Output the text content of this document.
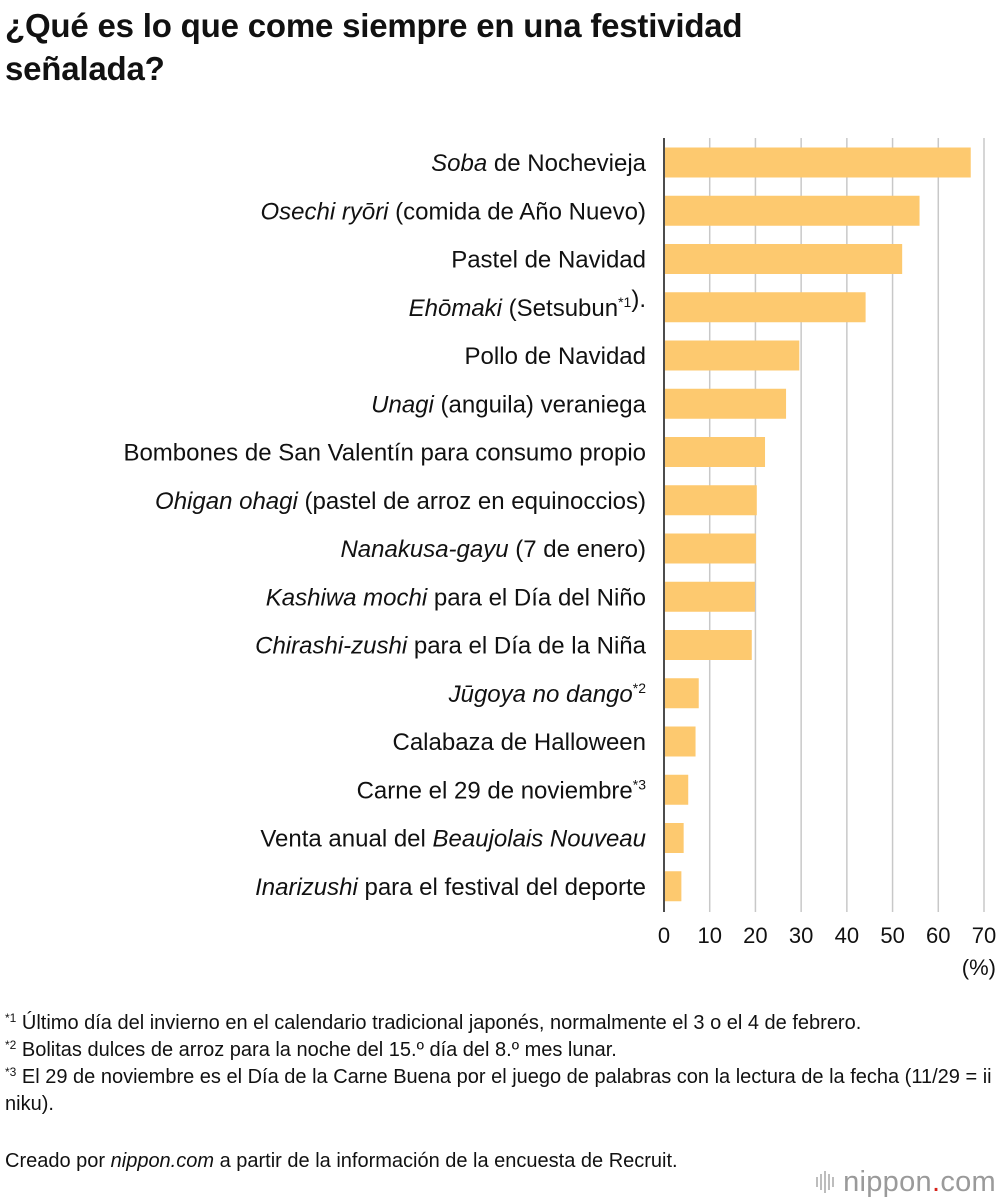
¿Qué es lo que come siempre en una festividad señalada?
Soba de Nochevieja
Osechi ryōri (comida de Año Nuevo)
Pastel de Navidad
Ehōmaki (Setsubun$^{*1}$).
Pollo de Navidad
Unagi (anguila) veraniega
Bombones de San Valentín para consumo propio
Ohigan ohagi (pastel de arroz en equinoccios)
Nanakusa-gayu (7 de enero)
Kashiwa mochi para el Día del Niño
Chirashi-zushi para el Día de la Niña
Jūgoya no dango$^{*2}$
Calabaza de Halloween
Carne el 29 de noviembre$^{*3}$
Venta anual del Beaujolais Nouveau
Inarizushi para el festival del deporte
0 10 20 30 40 50 60 70
(%)

$^{*1}$ Último día del invierno en el calendario tradicional japonés, normalmente el 3 o el 4 de febrero.

$^{*2}$ Bolitas dulces de arroz para la noche del 15.º día del 8.º mes lunar.

$^{*3}$ El 29 de noviembre es el Día de la Carne Buena por el juego de palabras con la lectura de la fecha (11/29 = ii niku).

Creado por nippon.com a partir de la información de la encuesta de Recruit.

nippon.com
